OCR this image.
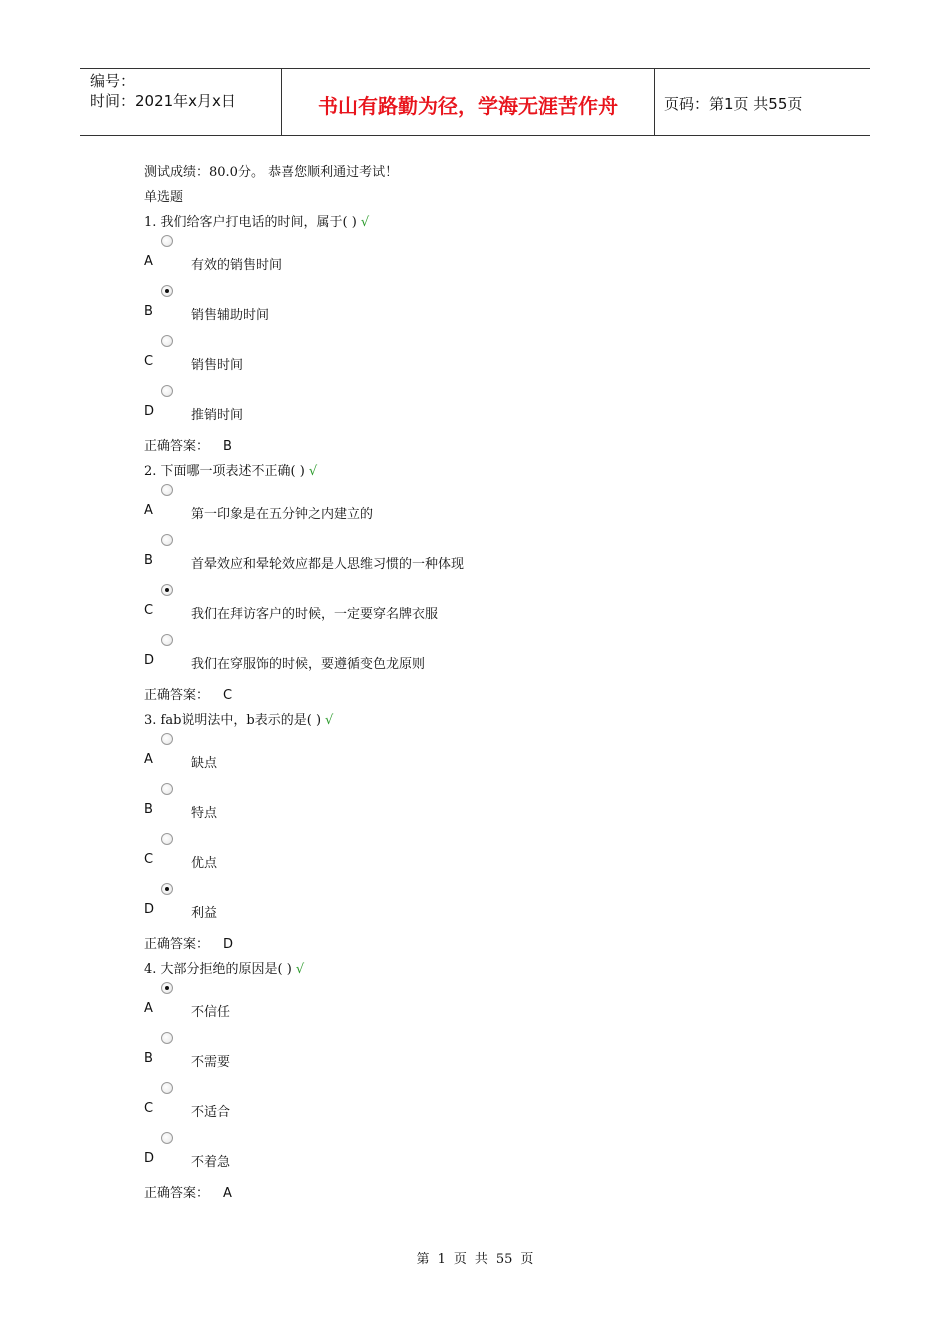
编号：
时间：2021年x月x日	书山有路勤为径，学海无涯苦作舟	页码：第1页 共55页
测试成绩：80.0分。 恭喜您顺利通过考试！
单选题
1. 我们给客户打电话的时间，属于( ) √
A	有效的销售时间
B	销售辅助时间
C	销售时间
D	推销时间
正确答案： B
2. 下面哪一项表述不正确( ) √
A	第一印象是在五分钟之内建立的
B	首晕效应和晕轮效应都是人思维习惯的一种体现
C	我们在拜访客户的时候，一定要穿名牌衣服
D	我们在穿服饰的时候，要遵循变色龙原则
正确答案： C
3. fab说明法中，b表示的是( ) √
A	缺点
B	特点
C	优点
D	利益
正确答案： D
4. 大部分拒绝的原因是( ) √
A	不信任
B	不需要
C	不适合
D	不着急
正确答案： A
第 1 页 共 55 页
